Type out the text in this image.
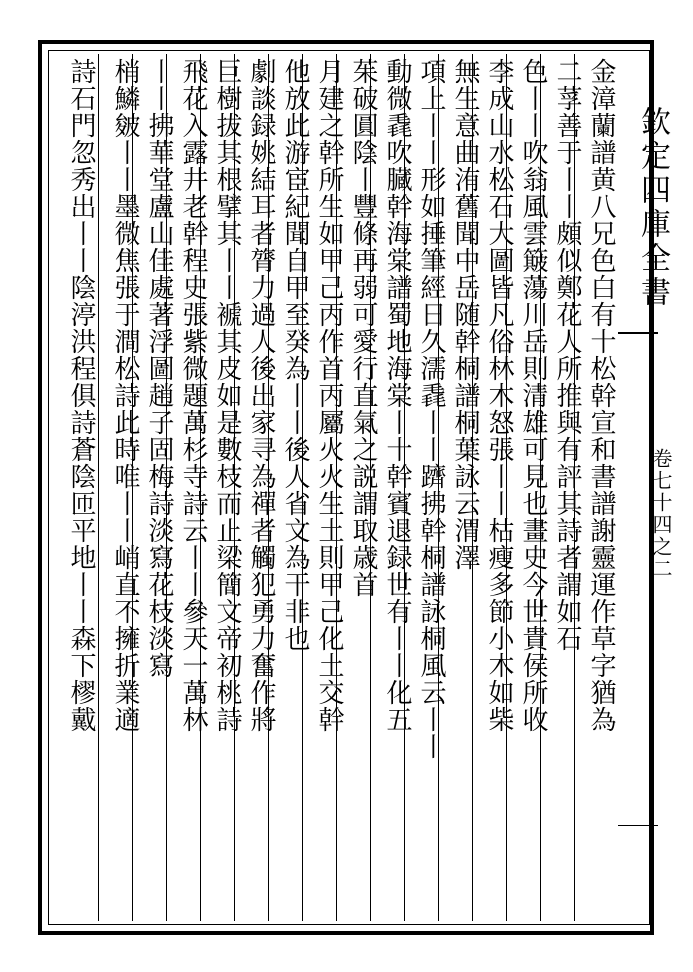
金漳蘭譜黄八兄色白有十松幹宣和書譜謝靈運作草字猶為
二莩善于丨丨頗似鄭花人所推與有評其詩者謂如石
色丨丨吹翁風雲簸蕩川岳則清雄可見也畫史今世貴侯所收
李成山水松石大圖皆凡俗林木怒張丨丨枯瘦多節小木如柴
無生意曲洧舊聞中岳随幹桐譜桐葉詠云渭澤
項上丨丨形如捶筆經日久濡毳丨丨躋拂幹桐譜詠桐風云丨丨
動微毳吹臓幹海棠譜蜀地海棠丨十幹賓退録世有丨丨化五
茱破圓陰丨豐條再弱可愛行直氣之説謂取歳首
月建之幹所生如甲己丙作首丙屬火火生土則甲己化土交幹
他放此游宦紀聞自甲至癸為丨丨後人省文為干非也
劇談録姚結耳者膂力過人後出家寻為禪者觸犯勇力奮作將
巨樹拔其根擘其丨丨褫其皮如是數枝而止梁簡文帝初桃詩
飛花入露井老幹程史張紫微題萬杉寺詩云丨丨參天一萬林
丨丨拂華堂盧山佳處著浮圖趙子固梅詩淡寫花枝淡寫
梢鱗皴丨丨墨微焦張于澗松詩此時唯丨丨峭直不擁折業適
詩石門忽秀出丨丨陰渟洪程俱詩蒼陰匝平地丨丨森下樛戴	欽定四庫全書
卷七十四之二
